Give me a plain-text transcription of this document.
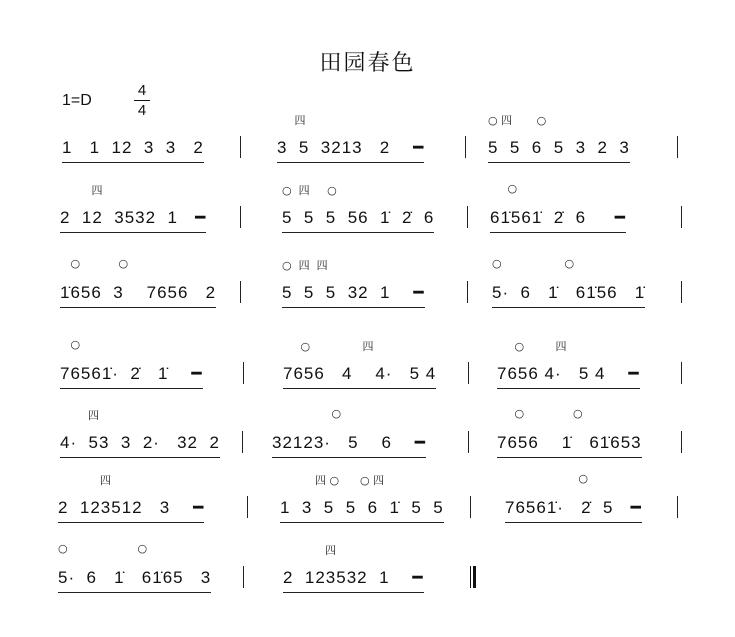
田园春色
1=D
4
4
1   1  12  3  3   2
四
3  5  3213   2    ━
○ 四       ○
5  5  6  5  3  2  3
四
2  12  3532  1   ━
○  四     ○
5  5  5  56  1̇  2̇  6
○
61̇561̇  2̇  6     ━
○           ○
1̇656  3    7656   2
○  四  四
5  5  5  32  1    ━
○                  ○
5·  6   1̇   61̇56   1̇
○
76561̇·  2̇   1̇    ━
○               四
7656   4    4·   5 4
○         四
7656 4·   5 4    ━
四
4·  53  3  2·   32  2
○
32123·   5    6    ━
○              ○
7656    1̇   61̇653
四
2  123512   3    ━
四 ○      ○ 四
1  3  5  5  6  1̇  5  5
○
76561̇·   2̇  5   ━
○                    ○
5·  6   1̇   61̇65   3
四
2  123532  1    ━
